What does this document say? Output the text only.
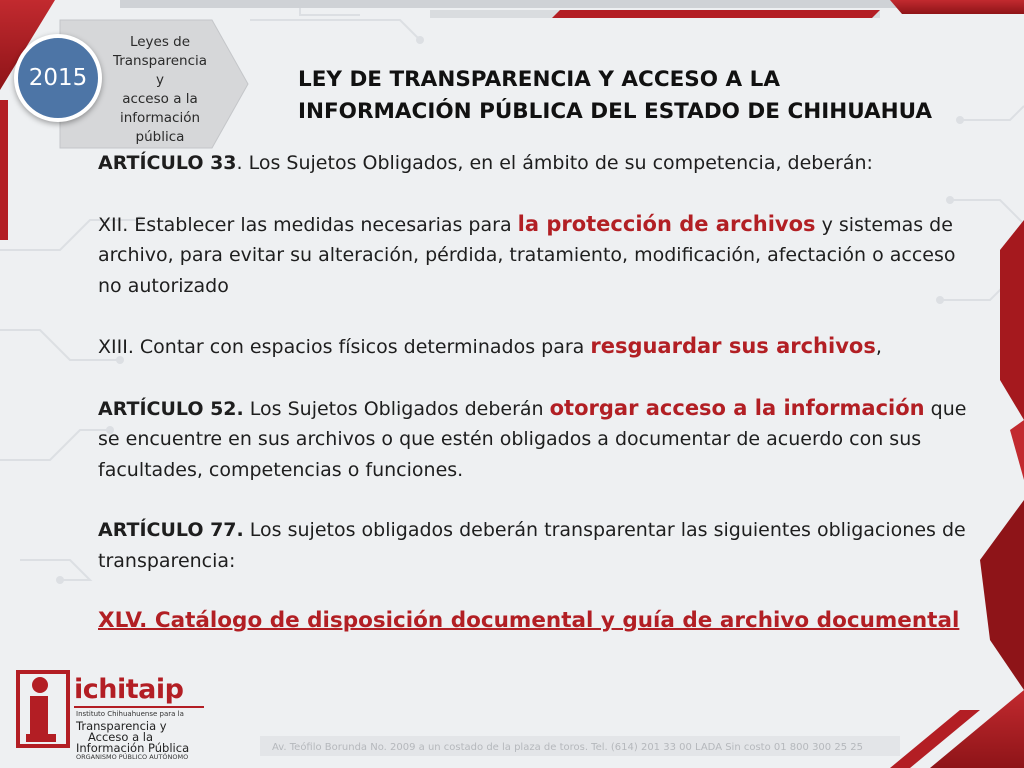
2015
Leyes de
Transparencia y
acceso a la
información
pública
LEY DE TRANSPARENCIA Y ACCESO A LA
INFORMACIÓN PÚBLICA DEL ESTADO DE CHIHUAHUA

ARTÍCULO 33. Los Sujetos Obligados, en el ámbito de su competencia, deberán:

XII. Establecer las medidas necesarias para la protección de archivos y sistemas de archivo, para evitar su alteración, pérdida, tratamiento, modificación, afectación o acceso no autorizado

XIII. Contar con espacios físicos determinados para resguardar sus archivos,

ARTÍCULO 52. Los Sujetos Obligados deberán otorgar acceso a la información que se encuentre en sus archivos o que estén obligados a documentar de acuerdo con sus facultades, competencias o funciones.

ARTÍCULO 77. Los sujetos obligados deberán transparentar las siguientes obligaciones de transparencia:

XLV. Catálogo de disposición documental y guía de archivo documental

ichitaip
Instituto Chihuahuense para la
Transparencia y
Acceso a la
Información Pública
ORGANISMO PÚBLICO AUTÓNOMO
Av. Teófilo Borunda No. 2009 a un costado de la plaza de toros. Tel. (614) 201 33 00 LADA Sin costo 01 800 300 25 25
